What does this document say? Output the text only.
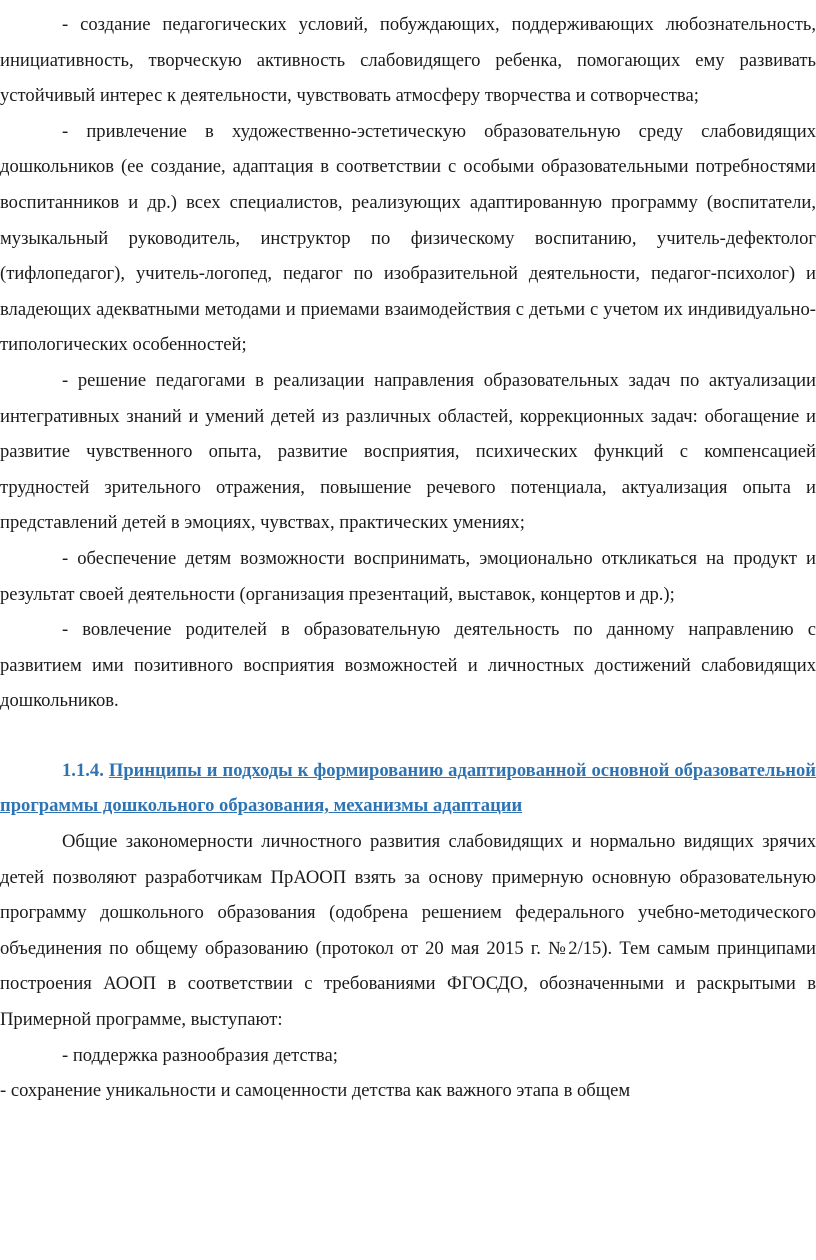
- создание педагогических условий, побуждающих, поддерживающих любознательность, инициативность, творческую активность слабовидящего ребенка, помогающих ему развивать устойчивый интерес к деятельности, чувствовать атмосферу творчества и сотворчества;

- привлечение в художественно-эстетическую образовательную среду слабовидящих дошкольников (ее создание, адаптация в соответствии с особыми образовательными потребностями воспитанников и др.) всех специалистов, реализующих адаптированную программу (воспитатели, музыкальный руководитель, инструктор по физическому воспитанию, учитель-дефектолог (тифлопедагог), учитель-логопед, педагог по изобразительной деятельности, педагог-психолог) и владеющих адекватными методами и приемами взаимодействия с детьми с учетом их индивидуально-типологических особенностей;

- решение педагогами в реализации направления образовательных задач по актуализации интегративных знаний и умений детей из различных областей, коррекционных задач: обогащение и развитие чувственного опыта, развитие восприятия, психических функций с компенсацией трудностей зрительного отражения, повышение речевого потенциала, актуализация опыта и представлений детей в эмоциях, чувствах, практических умениях;

- обеспечение детям возможности воспринимать, эмоционально откликаться на продукт и результат своей деятельности (организация презентаций, выставок, концертов и др.);

- вовлечение родителей в образовательную деятельность по данному направлению с развитием ими позитивного восприятия возможностей и личностных достижений слабовидящих дошкольников.

1.1.4. Принципы и подходы к формированию адаптированной основной образовательной программы дошкольного образования, механизмы адаптации

Общие закономерности личностного развития слабовидящих и нормально видящих зрячих детей позволяют разработчикам ПрАООП взять за основу примерную основную образовательную программу дошкольного образования (одобрена решением федерального учебно-методического объединения по общему образованию (протокол от 20 мая 2015 г. №2/15). Тем самым принципами построения АООП в соответствии с требованиями ФГОСДО, обозначенными и раскрытыми в Примерной программе, выступают:

- поддержка разнообразия детства;

- сохранение уникальности и самоценности детства как важного этапа в общем
